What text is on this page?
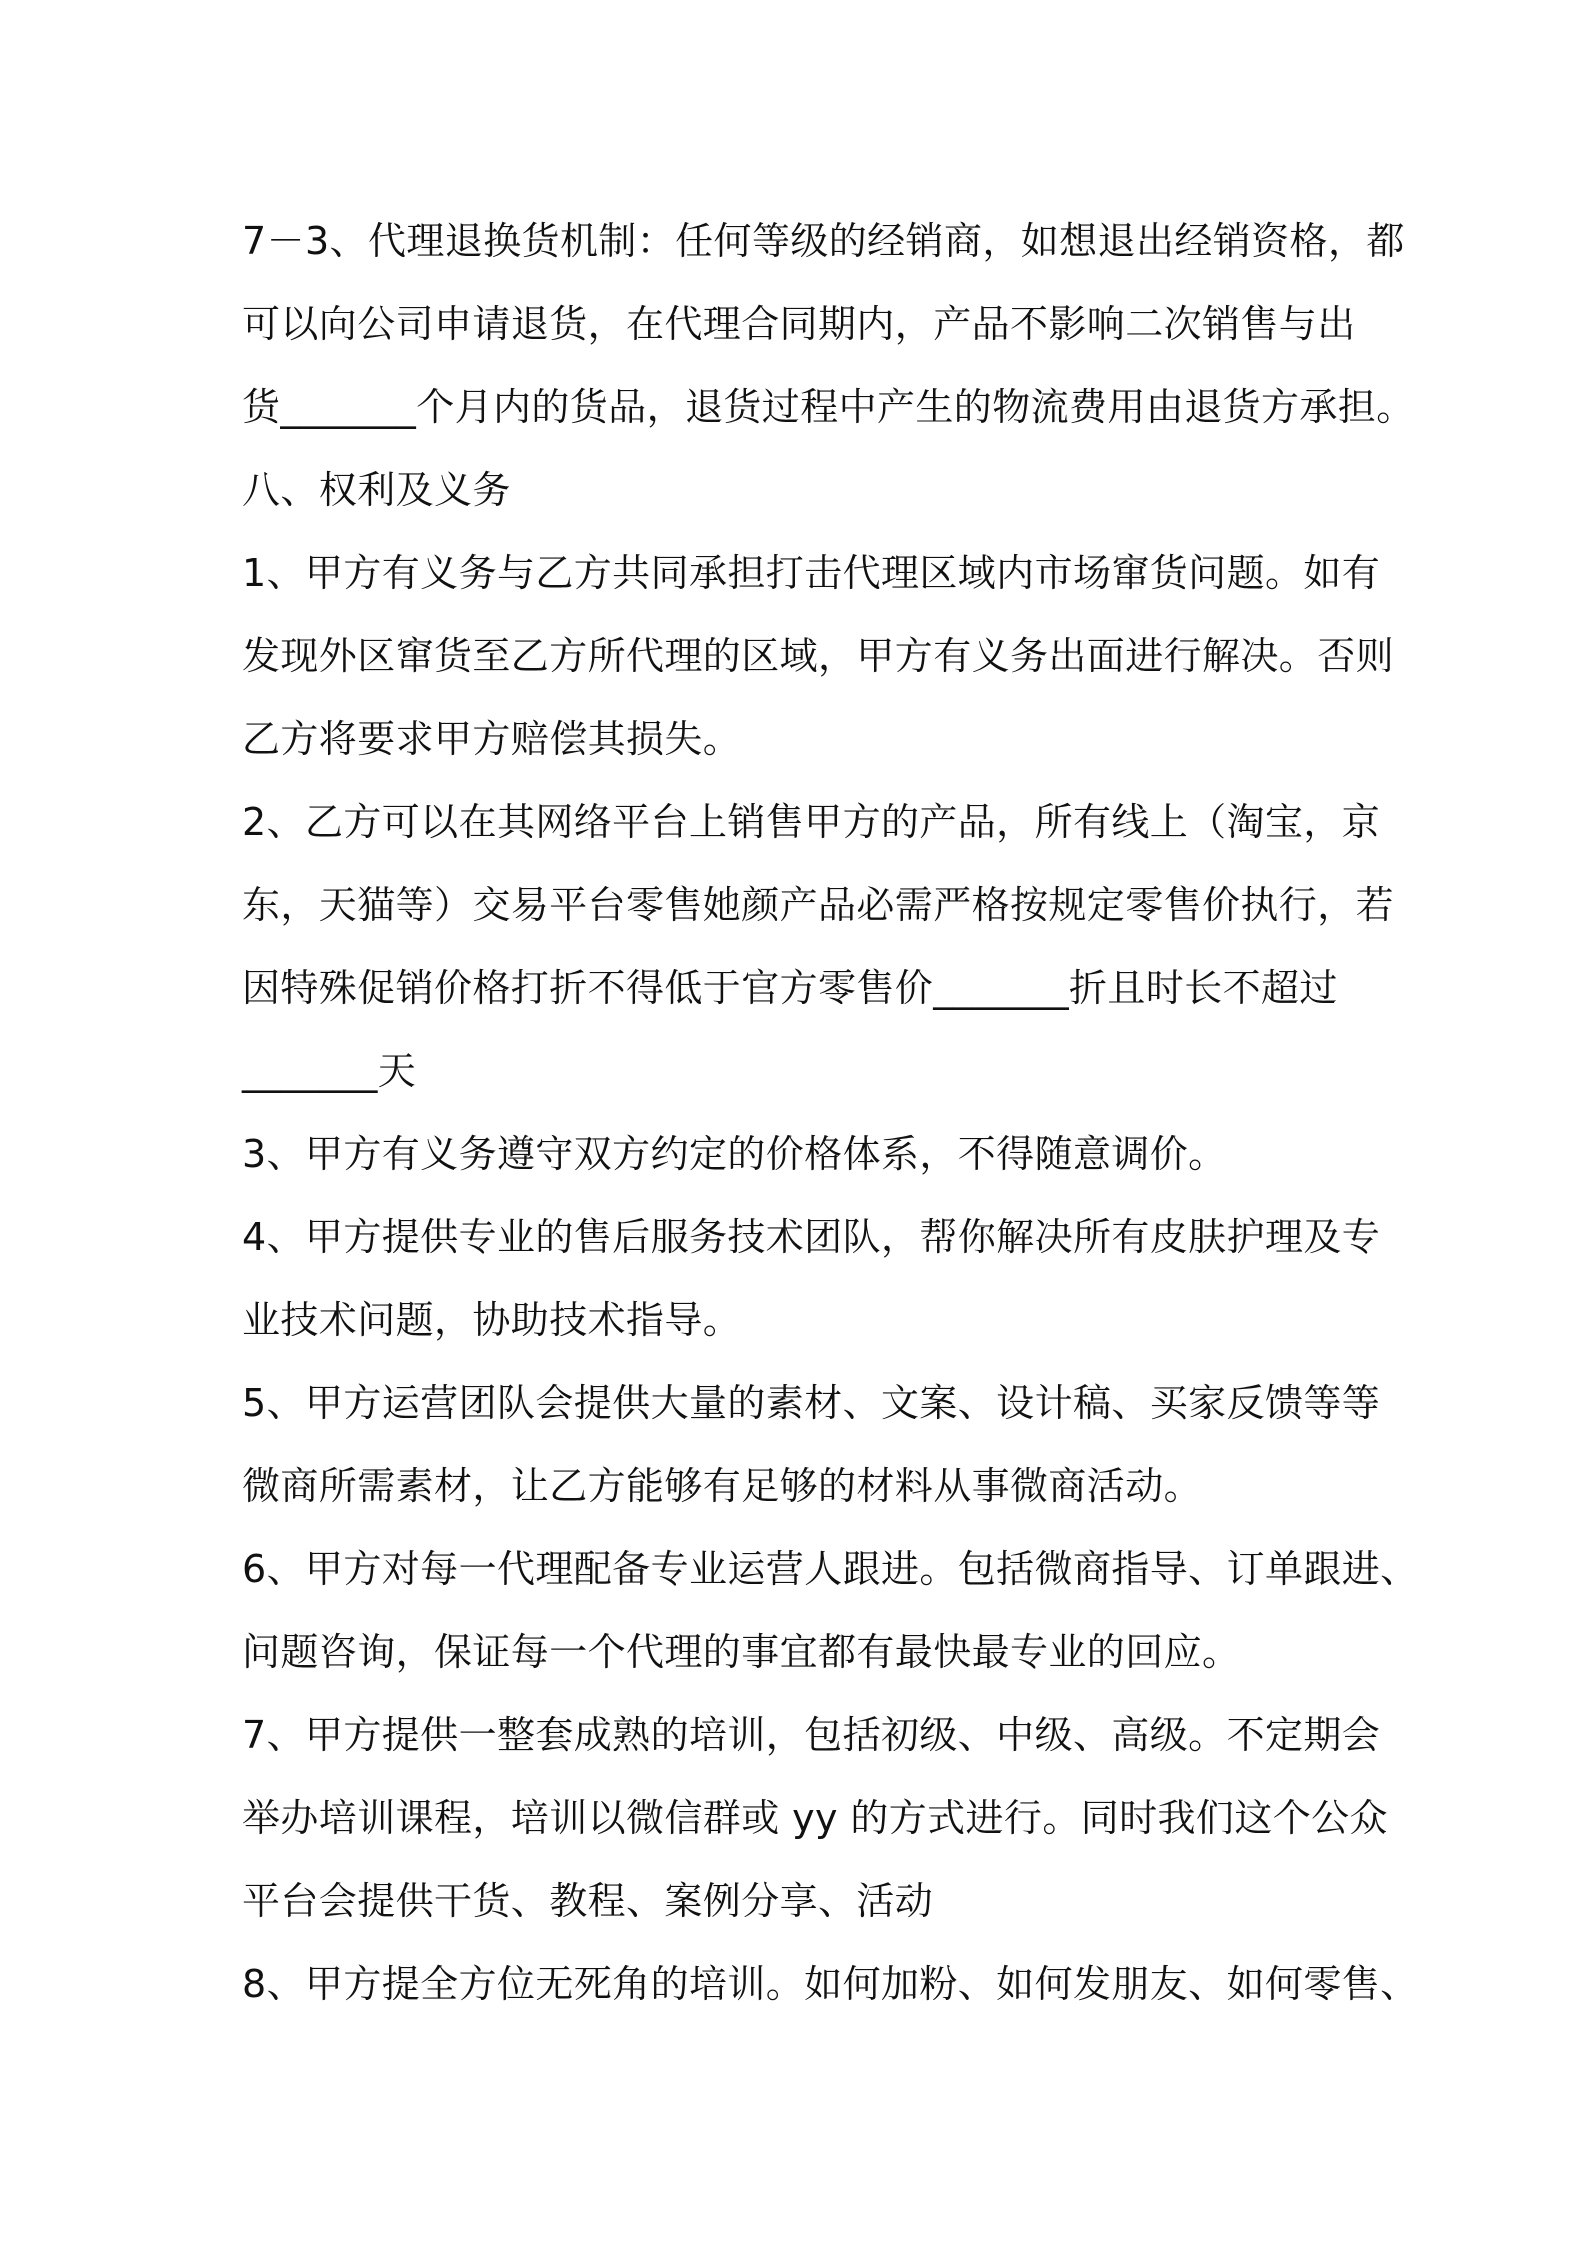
7－3、代理退换货机制：任何等级的经销商，如想退出经销资格，都
可以向公司申请退货，在代理合同期内，产品不影响二次销售与出
货_______个月内的货品，退货过程中产生的物流费用由退货方承担。
八、权利及义务
1、甲方有义务与乙方共同承担打击代理区域内市场窜货问题。如有
发现外区窜货至乙方所代理的区域，甲方有义务出面进行解决。否则
乙方将要求甲方赔偿其损失。
2、乙方可以在其网络平台上销售甲方的产品，所有线上（淘宝，京
东，天猫等）交易平台零售她颜产品必需严格按规定零售价执行，若
因特殊促销价格打折不得低于官方零售价_______折且时长不超过
_______天
3、甲方有义务遵守双方约定的价格体系，不得随意调价。
4、甲方提供专业的售后服务技术团队，帮你解决所有皮肤护理及专
业技术问题，协助技术指导。
5、甲方运营团队会提供大量的素材、文案、设计稿、买家反馈等等
微商所需素材，让乙方能够有足够的材料从事微商活动。
6、甲方对每一代理配备专业运营人跟进。包括微商指导、订单跟进、
问题咨询，保证每一个代理的事宜都有最快最专业的回应。
7、甲方提供一整套成熟的培训，包括初级、中级、高级。不定期会
举办培训课程，培训以微信群或 yy 的方式进行。同时我们这个公众
平台会提供干货、教程、案例分享、活动
8、甲方提全方位无死角的培训。如何加粉、如何发朋友、如何零售、
